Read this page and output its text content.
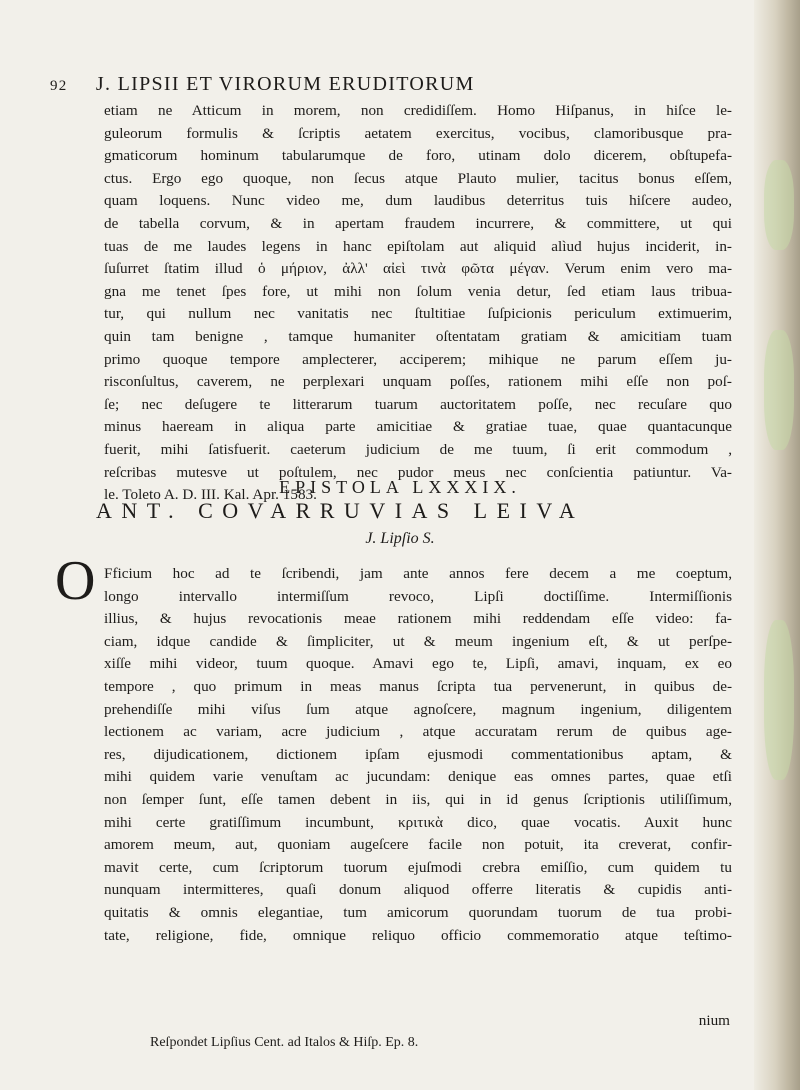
92 J. LIPSII ET VIRORUM ERUDITORUM
etiam ne Atticum in morem, non credidiſſem. Homo Hiſpanus, in hiſce le-
guleorum formulis & ſcriptis aetatem exercitus, vocibus, clamoribusque pra-
gmaticorum hominum tabularumque de foro, utinam dolo dicerem, obſtupefa-
ctus. Ergo ego quoque, non ſecus atque Plauto mulier, tacitus bonus eſſem,
quam loquens. Nunc video me, dum laudibus deterritus tuis hiſcere audeo,
de tabella corvum, & in apertam fraudem incurrere, & committere, ut qui
tuas de me laudes legens in hanc epiſtolam aut aliquid alìud hujus inciderit, in-
ſuſurret ſtatim illud ὁ μήριον, ἀλλ' αἰεὶ τινὰ φῶτα μέγαν. Verum enim vero ma-
gna me tenet ſpes fore, ut mihi non ſolum venia detur, ſed etiam laus tribua-
tur, qui nullum nec vanitatis nec ſtultitiae ſuſpicionis periculum extimuerim,
quin tam benigne , tamque humaniter oſtentatam gratiam & amicitiam tuam
primo quoque tempore amplecterer, acciperem; mihique ne parum eſſem ju-
risconſultus, caverem, ne perplexari unquam poſſes, rationem mihi eſſe non poſ-
ſe; nec deſugere te litterarum tuarum auctoritatem poſſe, nec recuſare quo
minus haeream in aliqua parte amicitiae & gratiae tuae, quae quantacunque
fuerit, mihi ſatisfuerit. caeterum judicium de me tuum, ſi erit commodum ,
reſcribas mutesve ut poſtulem, nec pudor meus nec conſcientia patiuntur. Va-
le. Toleto A. D. III. Kal. Apr. 1583.
EPISTOLA LXXXIX.
ANT. COVARRUVIAS LEIVA
J. Lipſio S.
O Fficium hoc ad te ſcribendi, jam ante annos fere decem a me coeptum,
longo intervallo intermiſſum revoco, Lipſi doctiſſime. Intermiſſionis
illius, & hujus revocationis meae rationem mihi reddendam eſſe video: fa-
ciam, idque candide & ſimpliciter, ut & meum ingenium eſt, & ut perſpe-
xiſſe mihi videor, tuum quoque. Amavi ego te, Lipſi, amavi, inquam, ex eo
tempore , quo primum in meas manus ſcripta tua pervenerunt, in quibus de-
prehendiſſe mihi viſus ſum atque agnoſcere, magnum ingenium, diligentem
lectionem ac variam, acre judicium , atque accuratam rerum de quibus age-
res, dijudicationem, dictionem ipſam ejusmodi commentationibus aptam, &
mihi quidem varie venuſtam ac jucundam: denique eas omnes partes, quae etſi
non ſemper ſunt, eſſe tamen debent in iis, qui in id genus ſcriptionis utiliſſimum,
mihi certe gratiſſimum incumbunt, κριτικὰ dico, quae vocatis. Auxit hunc
amorem meum, aut, quoniam augeſcere facile non potuit, ita creverat, confir-
mavit certe, cum ſcriptorum tuorum ejuſmodi crebra emiſſio, cum quidem tu
nunquam intermitteres, quaſi donum aliquod offerre literatis & cupidis anti-
quitatis & omnis elegantiae, tum amicorum quorundam tuorum de tua probi-
tate, religione, fide, omnique reliquo officio commemoratio atque teſtimo-
nium
Reſpondet Lipſius Cent. ad Italos & Hiſp. Ep. 8.
